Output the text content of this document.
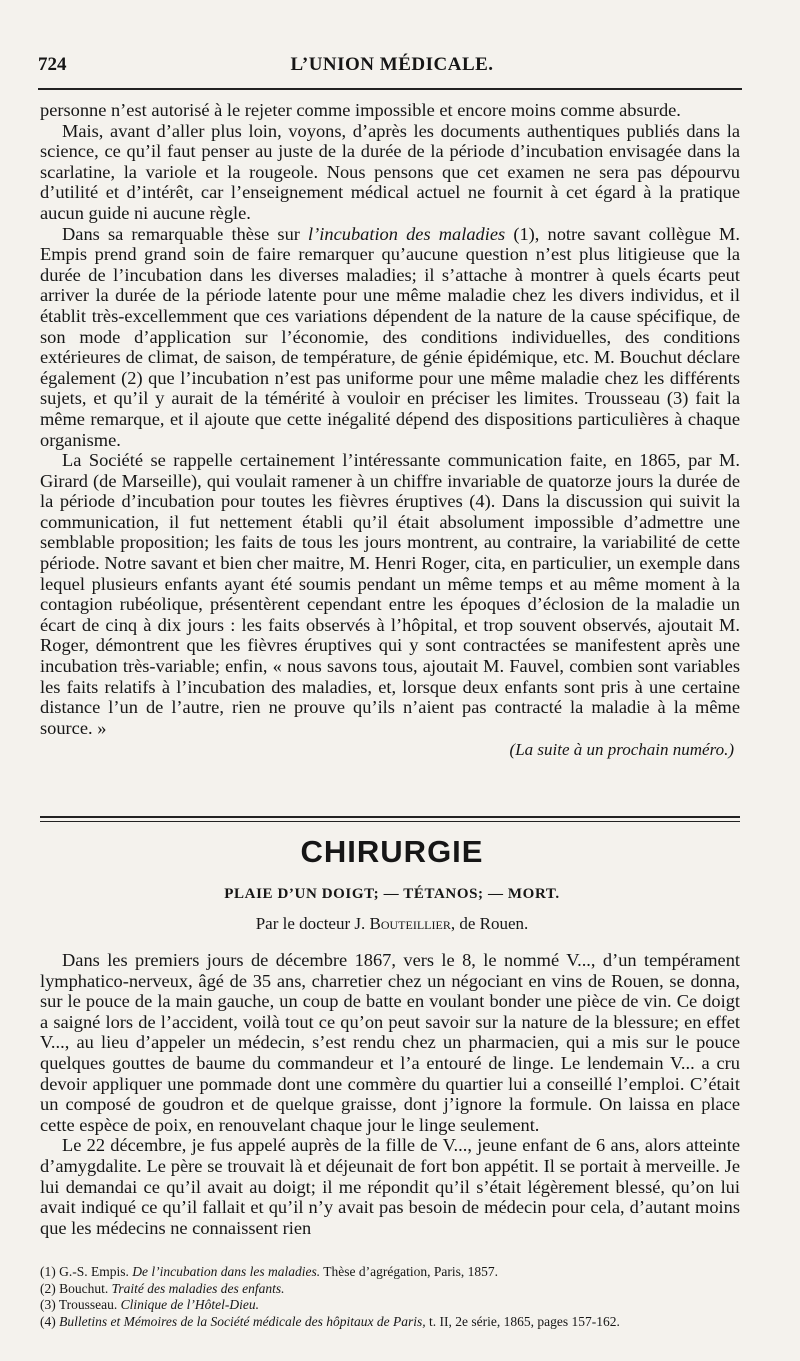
724	L’UNION MÉDICALE.

personne n’est autorisé à le rejeter comme impossible et encore moins comme absurde.

Mais, avant d’aller plus loin, voyons, d’après les documents authentiques publiés dans la science, ce qu’il faut penser au juste de la durée de la période d’incubation envisagée dans la scarlatine, la variole et la rougeole. Nous pensons que cet examen ne sera pas dépourvu d’utilité et d’intérêt, car l’enseignement médical actuel ne fournit à cet égard à la pratique aucun guide ni aucune règle.

Dans sa remarquable thèse sur l’incubation des maladies (1), notre savant collègue M. Empis prend grand soin de faire remarquer qu’aucune question n’est plus litigieuse que la durée de l’incubation dans les diverses maladies; il s’attache à montrer à quels écarts peut arriver la durée de la période latente pour une même maladie chez les divers individus, et il établit très-excellemment que ces variations dépendent de la nature de la cause spécifique, de son mode d’application sur l’économie, des conditions individuelles, des conditions extérieures de climat, de saison, de température, de génie épidémique, etc. M. Bouchut déclare également (2) que l’incubation n’est pas uniforme pour une même maladie chez les différents sujets, et qu’il y aurait de la témérité à vouloir en préciser les limites. Trousseau (3) fait la même remarque, et il ajoute que cette inégalité dépend des dispositions particulières à chaque organisme.

La Société se rappelle certainement l’intéressante communication faite, en 1865, par M. Girard (de Marseille), qui voulait ramener à un chiffre invariable de quatorze jours la durée de la période d’incubation pour toutes les fièvres éruptives (4). Dans la discussion qui suivit la communication, il fut nettement établi qu’il était absolument impossible d’admettre une semblable proposition; les faits de tous les jours montrent, au contraire, la variabilité de cette période. Notre savant et bien cher maitre, M. Henri Roger, cita, en particulier, un exemple dans lequel plusieurs enfants ayant été soumis pendant un même temps et au même moment à la contagion rubéolique, présentèrent cependant entre les époques d’éclosion de la maladie un écart de cinq à dix jours : les faits observés à l’hôpital, et trop souvent observés, ajoutait M. Roger, démontrent que les fièvres éruptives qui y sont contractées se manifestent après une incubation très-variable; enfin, « nous savons tous, ajoutait M. Fauvel, combien sont variables les faits relatifs à l’incubation des maladies, et, lorsque deux enfants sont pris à une certaine distance l’un de l’autre, rien ne prouve qu’ils n’aient pas contracté la maladie à la même source. »

(La suite à un prochain numéro.)
CHIRURGIE
PLAIE D’UN DOIGT; — TÉTANOS; — MORT.
Par le docteur J. Bouteillier, de Rouen.

Dans les premiers jours de décembre 1867, vers le 8, le nommé V..., d’un tempérament lymphatico-nerveux, âgé de 35 ans, charretier chez un négociant en vins de Rouen, se donna, sur le pouce de la main gauche, un coup de batte en voulant bonder une pièce de vin. Ce doigt a saigné lors de l’accident, voilà tout ce qu’on peut savoir sur la nature de la blessure; en effet V..., au lieu d’appeler un médecin, s’est rendu chez un pharmacien, qui a mis sur le pouce quelques gouttes de baume du commandeur et l’a entouré de linge. Le lendemain V... a cru devoir appliquer une pommade dont une commère du quartier lui a conseillé l’emploi. C’était un composé de goudron et de quelque graisse, dont j’ignore la formule. On laissa en place cette espèce de poix, en renouvelant chaque jour le linge seulement.

Le 22 décembre, je fus appelé auprès de la fille de V..., jeune enfant de 6 ans, alors atteinte d’amygdalite. Le père se trouvait là et déjeunait de fort bon appétit. Il se portait à merveille. Je lui demandai ce qu’il avait au doigt; il me répondit qu’il s’était légèrement blessé, qu’on lui avait indiqué ce qu’il fallait et qu’il n’y avait pas besoin de médecin pour cela, d’autant moins que les médecins ne connaissent rien

(1) G.-S. Empis. De l’incubation dans les maladies. Thèse d’agrégation, Paris, 1857.
(2) Bouchut. Traité des maladies des enfants.
(3) Trousseau. Clinique de l’Hôtel-Dieu.
(4) Bulletins et Mémoires de la Société médicale des hôpitaux de Paris, t. II, 2e série, 1865, pages 157-162.
